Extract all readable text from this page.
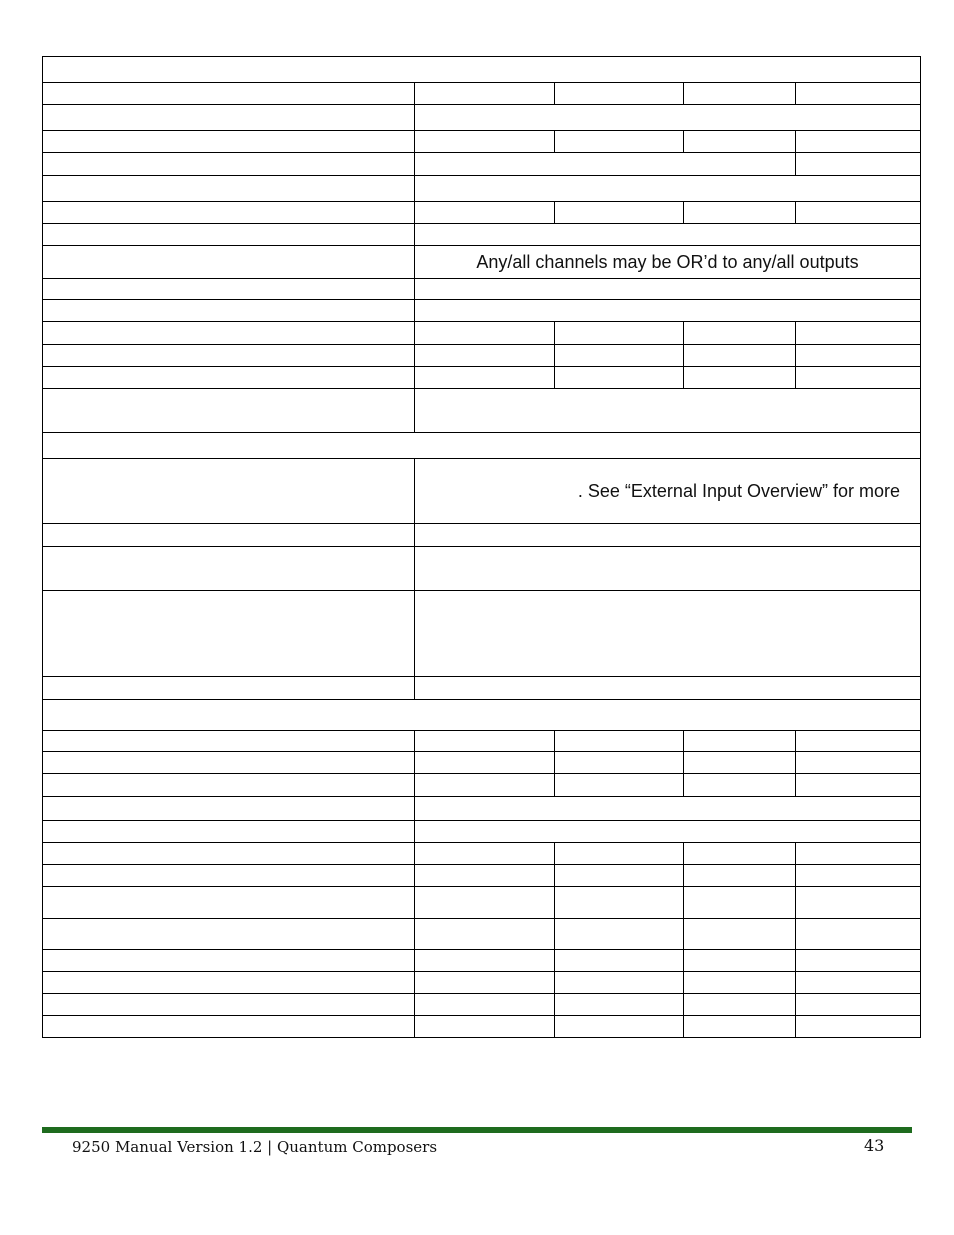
	Any/all channels may be OR’d to any/all outputs			

	. See “External Input Overview” for more			

9250 Manual Version 1.2 | Quantum Composers	43
